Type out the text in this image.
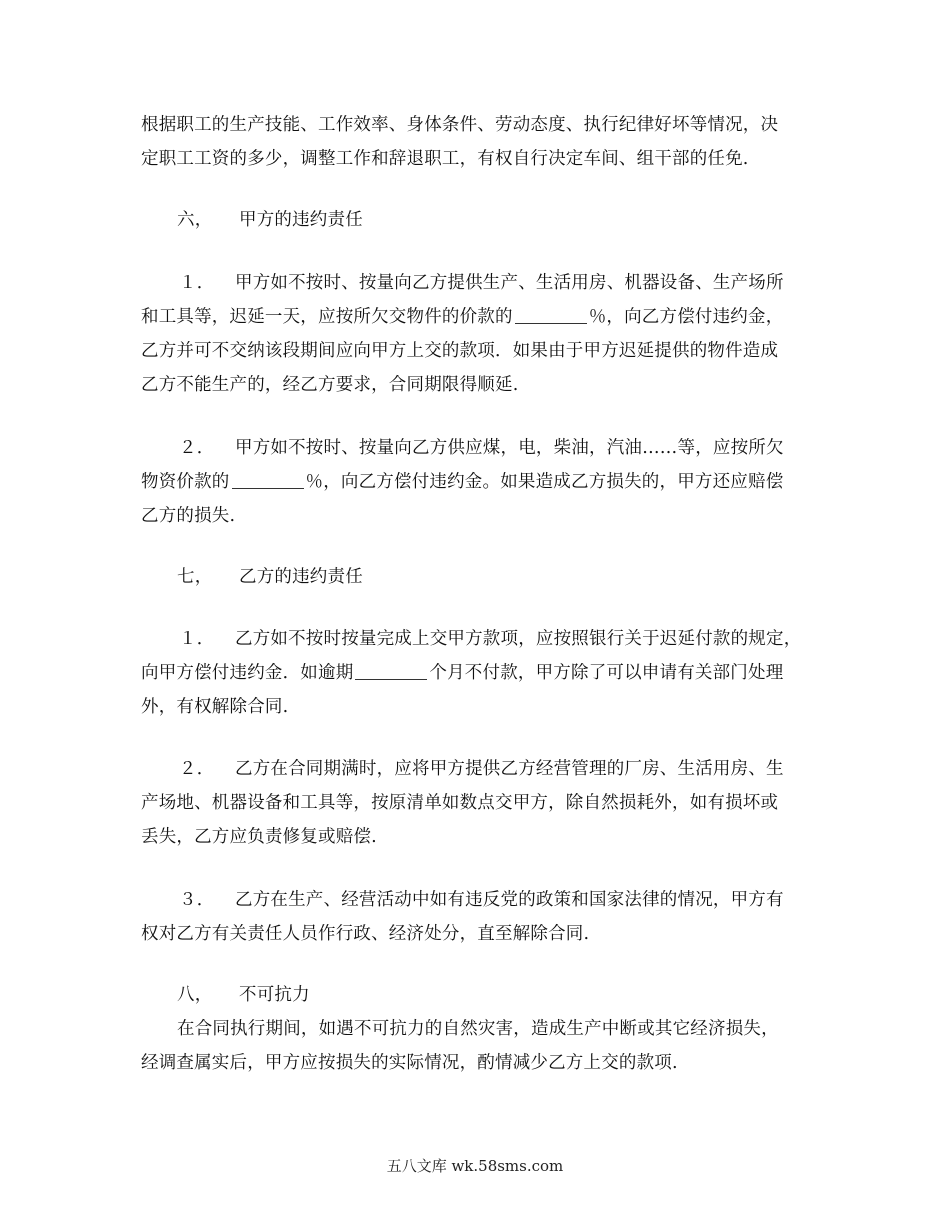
根据职工的生产技能、工作效率、身体条件、劳动态度、执行纪律好坏等情况，决
定职工工资的多少，调整工作和辞退职工，有权自行决定车间、组干部的任免.
六， 甲方的违约责任
１． 甲方如不按时、按量向乙方提供生产、生活用房、机器设备、生产场所
和工具等，迟延一天，应按所欠交物件的价款的	％，向乙方偿付违约金，
乙方并可不交纳该段期间应向甲方上交的款项．如果由于甲方迟延提供的物件造成
乙方不能生产的，经乙方要求，合同期限得顺延.
２． 甲方如不按时、按量向乙方供应煤，电，柴油，汽油……等，应按所欠
物资价款的	％，向乙方偿付违约金。如果造成乙方损失的，甲方还应赔偿
乙方的损失.
七， 乙方的违约责任
１． 乙方如不按时按量完成上交甲方款项，应按照银行关于迟延付款的规定，
向甲方偿付违约金．如逾期	个月不付款，甲方除了可以申请有关部门处理
外，有权解除合同.
２． 乙方在合同期满时，应将甲方提供乙方经营管理的厂房、生活用房、生
产场地、机器设备和工具等，按原清单如数点交甲方，除自然损耗外，如有损坏或
丢失，乙方应负责修复或赔偿.
３． 乙方在生产、经营活动中如有违反党的政策和国家法律的情况，甲方有
权对乙方有关责任人员作行政、经济处分，直至解除合同.
八， 不可抗力
在合同执行期间，如遇不可抗力的自然灾害，造成生产中断或其它经济损失，
经调查属实后，甲方应按损失的实际情况，酌情减少乙方上交的款项.
五八文库 wk.58sms.com
